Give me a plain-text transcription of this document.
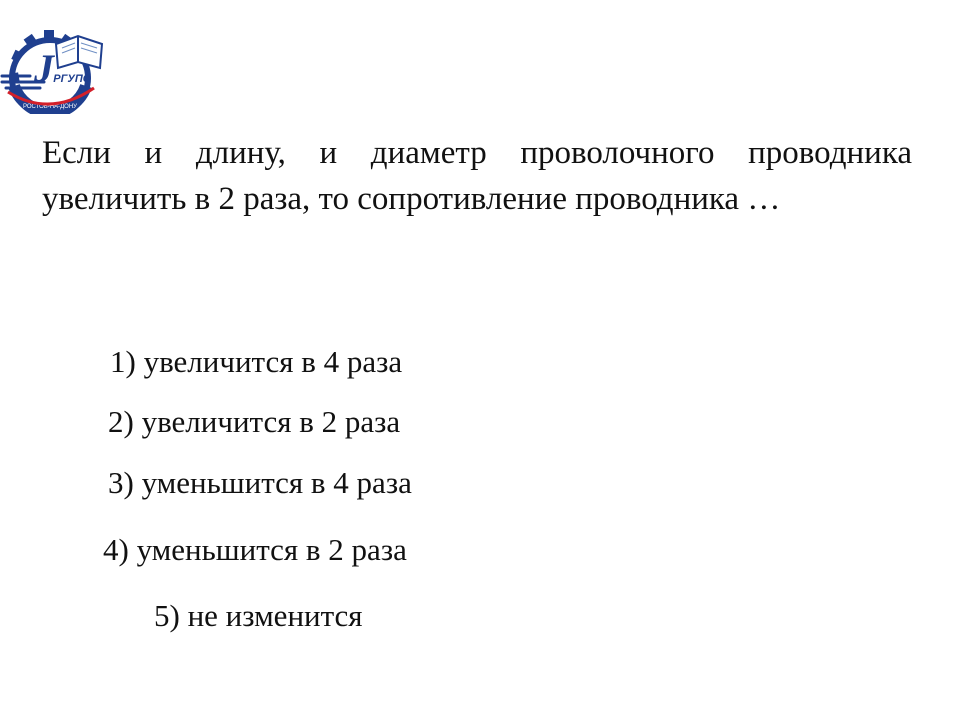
РОСТОВ-НА-ДОНУ
J РГУПС
Если и длину, и диаметр проволочного проводника
увеличить в 2 раза, то сопротивление проводника …
1) увеличится в 4 раза
2) увеличится в 2 раза
3) уменьшится в 4 раза
4) уменьшится в 2 раза
5) не изменится
